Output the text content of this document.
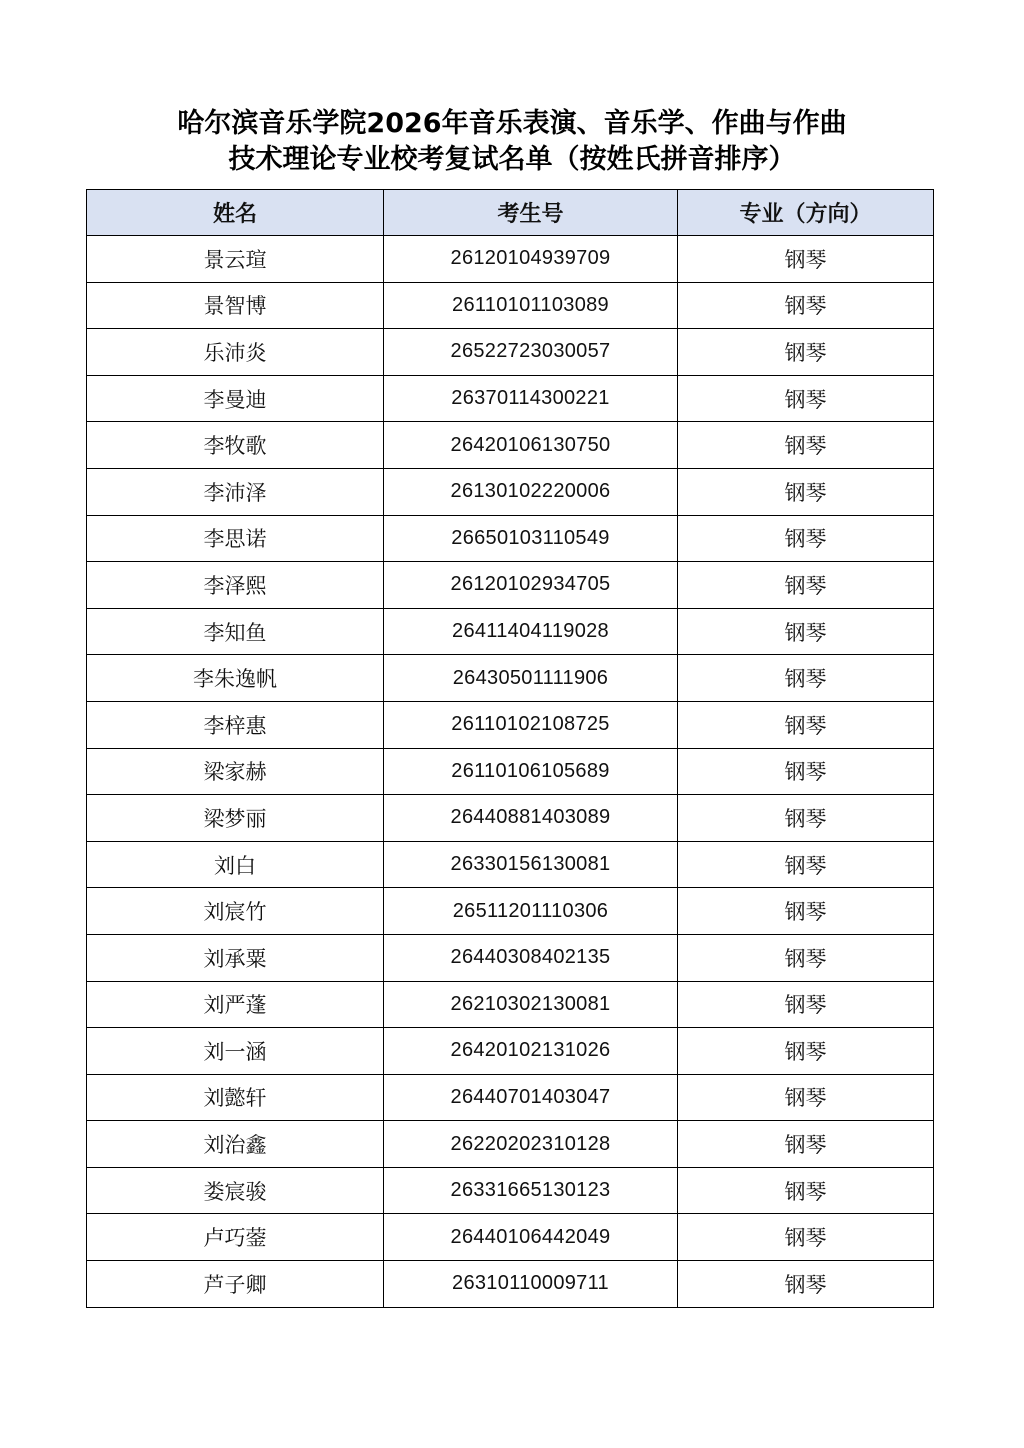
哈尔滨音乐学院2026年音乐表演、音乐学、作曲与作曲
技术理论专业校考复试名单（按姓氏拼音排序）
姓名	考生号	专业（方向）
景云瑄	26120104939709	钢琴
景智博	26110101103089	钢琴
乐沛炎	26522723030057	钢琴
李曼迪	26370114300221	钢琴
李牧歌	26420106130750	钢琴
李沛泽	26130102220006	钢琴
李思诺	26650103110549	钢琴
李泽熙	26120102934705	钢琴
李知鱼	26411404119028	钢琴
李朱逸帆	26430501111906	钢琴
李梓惠	26110102108725	钢琴
梁家赫	26110106105689	钢琴
梁梦丽	26440881403089	钢琴
刘白	26330156130081	钢琴
刘宸竹	26511201110306	钢琴
刘承粟	26440308402135	钢琴
刘严蓬	26210302130081	钢琴
刘一涵	26420102131026	钢琴
刘懿轩	26440701403047	钢琴
刘治鑫	26220202310128	钢琴
娄宸骏	26331665130123	钢琴
卢巧蓥	26440106442049	钢琴
芦子卿	26310110009711	钢琴
